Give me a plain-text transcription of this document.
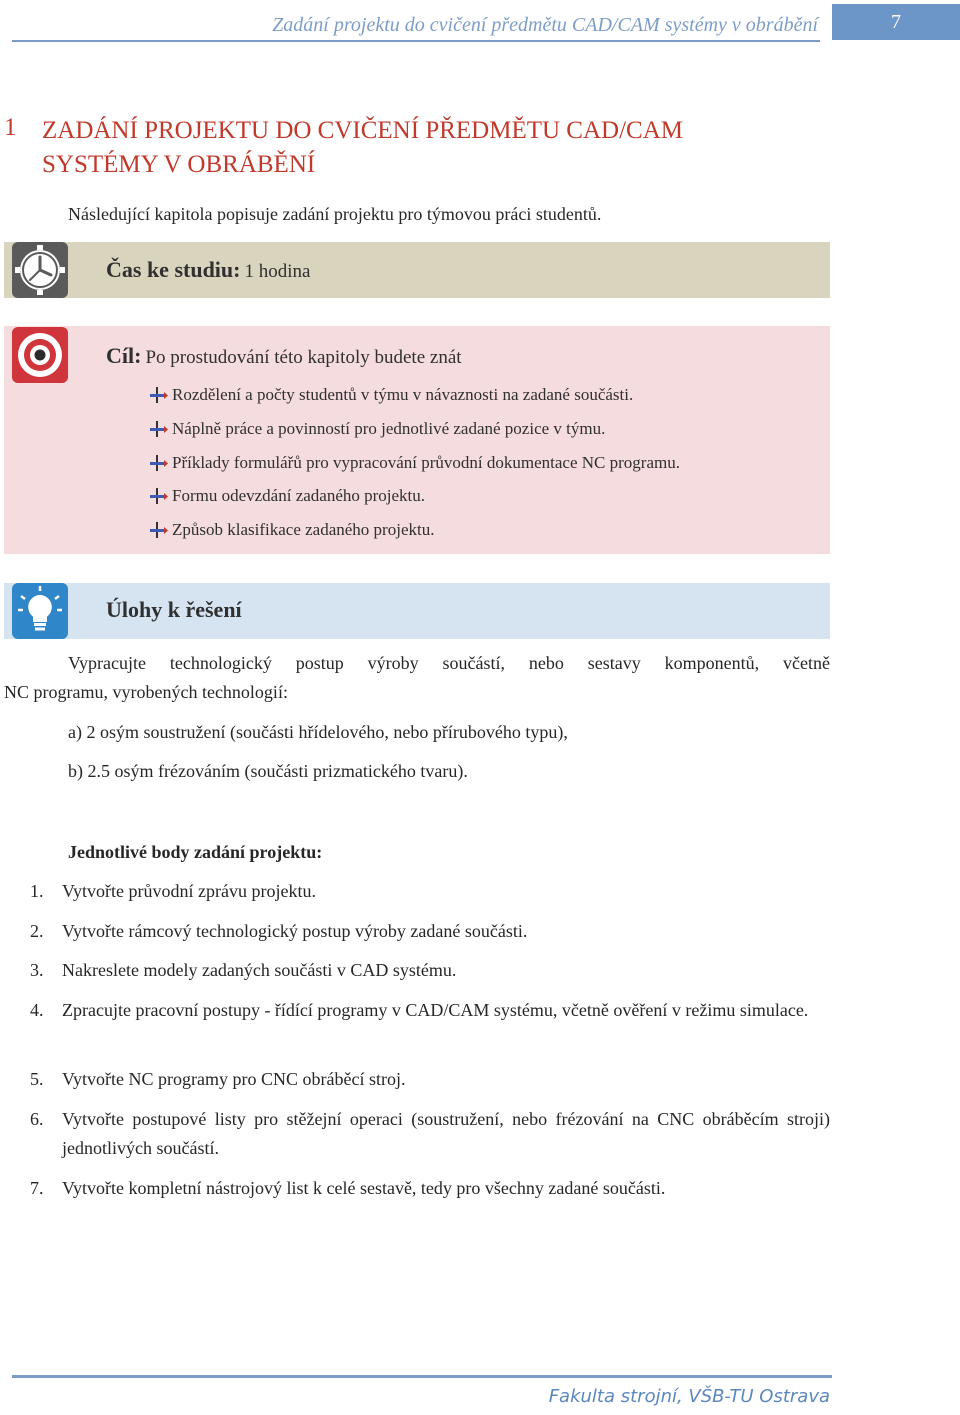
Zadání projektu do cvičení předmětu CAD/CAM systémy v obrábění	7
1 ZADÁNÍ PROJEKTU DO CVIČENÍ PŘEDMĚTU CAD/CAM SYSTÉMY V OBRÁBĚNÍ
Následující kapitola popisuje zadání projektu pro týmovou práci studentů.
Čas ke studiu: 1 hodina
Cíl: Po prostudování této kapitoly budete znát
Rozdělení a počty studentů v týmu v návaznosti na zadané součásti.
Náplně práce a povinností pro jednotlivé zadané pozice v týmu.
Příklady formulářů pro vypracování průvodní dokumentace NC programu.
Formu odevzdání zadaného projektu.
Způsob klasifikace zadaného projektu.
Úlohy k řešení
Vypracujte technologický postup výroby součástí, nebo sestavy komponentů, včetně
NC programu, vyrobených technologií:
a) 2 osým soustružení (součásti hřídelového, nebo přírubového typu),
b) 2.5 osým frézováním (součásti prizmatického tvaru).
Jednotlivé body zadání projektu:
1. Vytvořte průvodní zprávu projektu.
2. Vytvořte rámcový technologický postup výroby zadané součásti.
3. Nakreslete modely zadaných součásti v CAD systému.
4. Zpracujte pracovní postupy - řídící programy v CAD/CAM systému, včetně ověření v režimu simulace.
5. Vytvořte NC programy pro CNC obráběcí stroj.
6. Vytvořte postupové listy pro stěžejní operaci (soustružení, nebo frézování na CNC obráběcím stroji) jednotlivých součástí.
7. Vytvořte kompletní nástrojový list k celé sestavě, tedy pro všechny zadané součásti.
Fakulta strojní, VŠB-TU Ostrava
